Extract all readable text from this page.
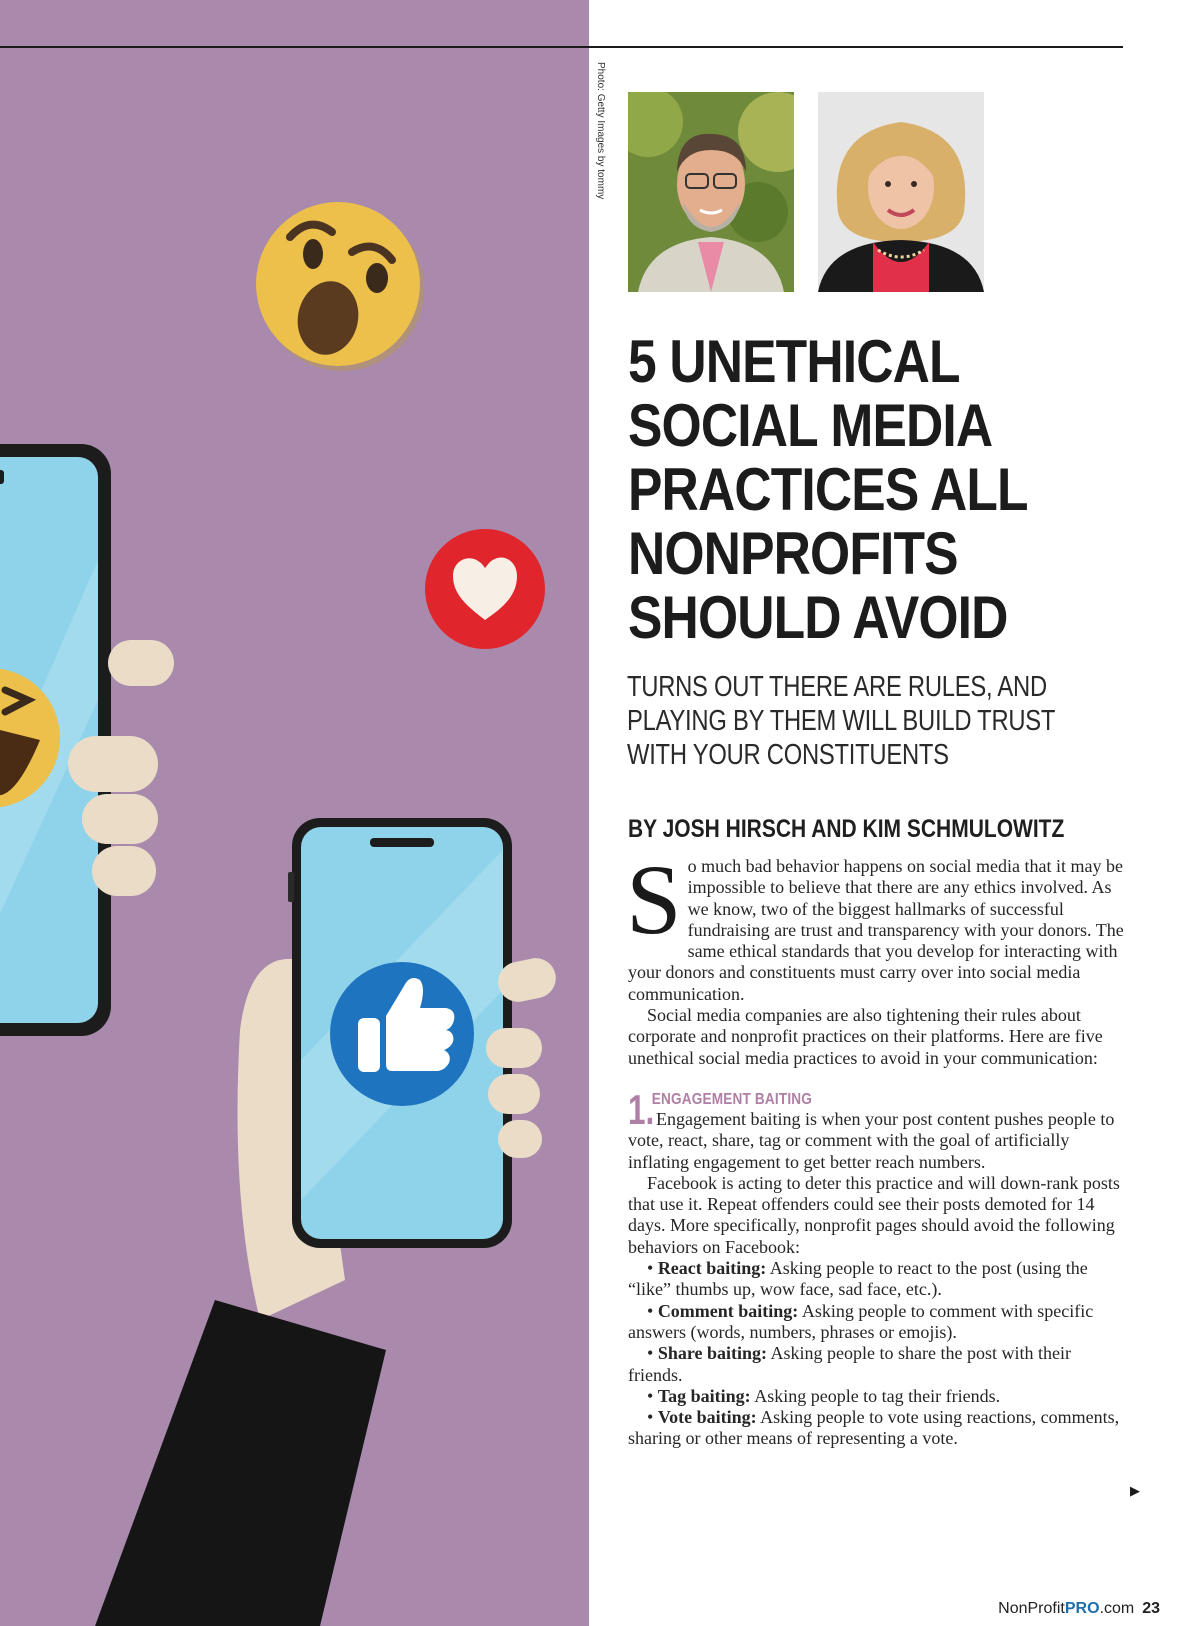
Photo: Getty Images by tommy
5 UNETHICAL SOCIAL MEDIA PRACTICES ALL NONPROFITS SHOULD AVOID

TURNS OUT THERE ARE RULES, AND PLAYING BY THEM WILL BUILD TRUST WITH YOUR CONSTITUENTS

BY JOSH HIRSCH AND KIM SCHMULOWITZ

So much bad behavior happens on social media that it may be impossible to believe that there are any ethics involved. As we know, two of the biggest hallmarks of successful fundraising are trust and transparency with your donors. The same ethical standards that you develop for interacting with your donors and constituents must carry over into social media communication.

Social media companies are also tightening their rules about corporate and nonprofit practices on their platforms. Here are five unethical social media practices to avoid in your communication:

1.
ENGAGEMENT BAITING
Engagement baiting is when your post content pushes people to vote, react, share, tag or comment with the goal of artificially inflating engagement to get better reach numbers.

Facebook is acting to deter this practice and will down-rank posts that use it. Repeat offenders could see their posts demoted for 14 days. More specifically, nonprofit pages should avoid the following behaviors on Facebook:

• React baiting: Asking people to react to the post (using the “like” thumbs up, wow face, sad face, etc.).

• Comment baiting: Asking people to comment with specific answers (words, numbers, phrases or emojis).

• Share baiting: Asking people to share the post with their friends.

• Tag baiting: Asking people to tag their friends.

• Vote baiting: Asking people to vote using reactions, comments, sharing or other means of representing a vote.

▶
NonProfitPRO.com 23
